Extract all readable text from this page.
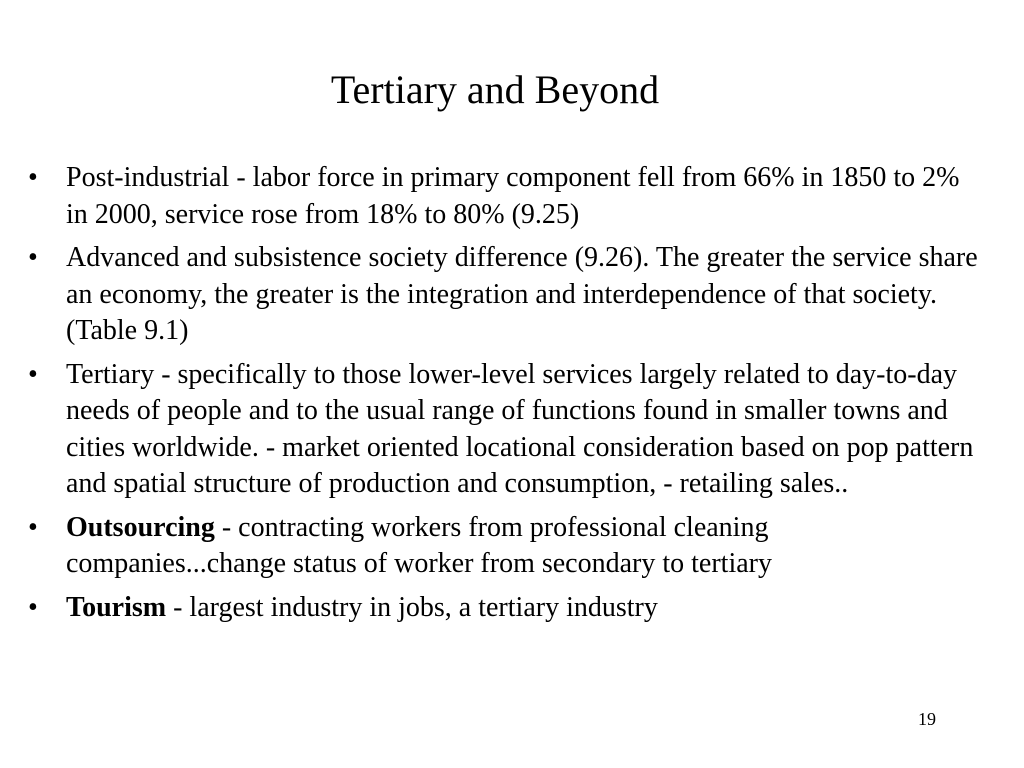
Tertiary and Beyond
•	Post-industrial - labor force in primary component fell from 66% in 1850 to 2% in 2000, service rose from 18% to 80% (9.25)
•	Advanced and subsistence society difference (9.26). The greater the service share an economy, the greater is the integration and interdependence of that society. (Table 9.1)
•	Tertiary - specifically to those lower-level services largely related to day-to-day needs of people and to the usual range of functions found in smaller towns and cities worldwide. - market oriented locational consideration based on pop pattern and spatial structure of production and consumption, - retailing sales..
•	Outsourcing - contracting workers from professional cleaning companies...change status of worker from secondary to tertiary
•	Tourism - largest industry in jobs, a tertiary industry
19
